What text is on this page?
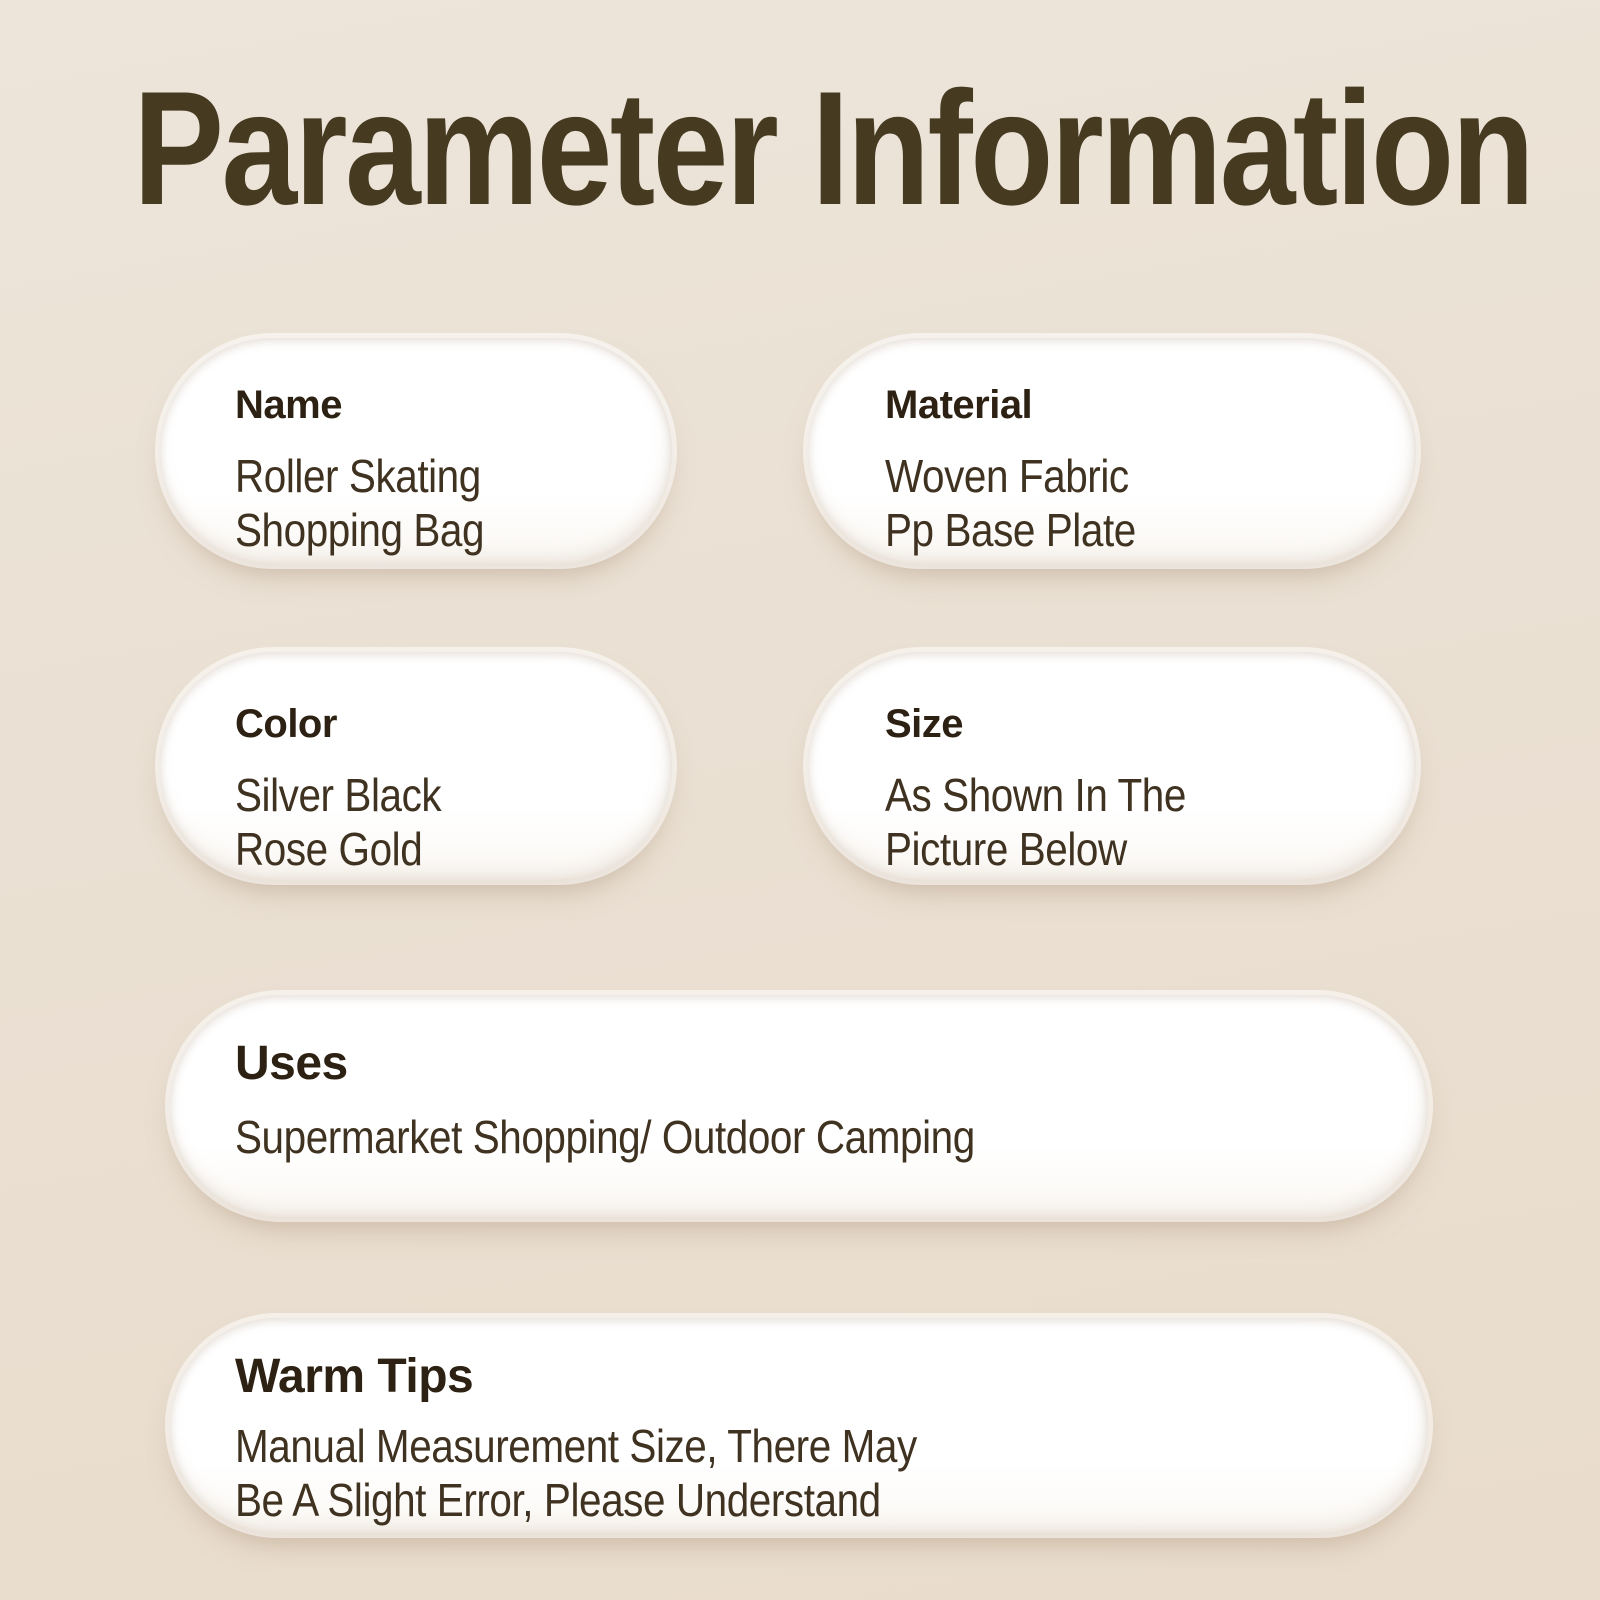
Parameter Information
Name
Roller Skating
Shopping Bag
Material
Woven Fabric
Pp Base Plate
Color
Silver Black
Rose Gold
Size
As Shown In The
Picture Below
Uses
Supermarket Shopping/ Outdoor Camping
Warm Tips
Manual Measurement Size, There May
Be A Slight Error, Please Understand
